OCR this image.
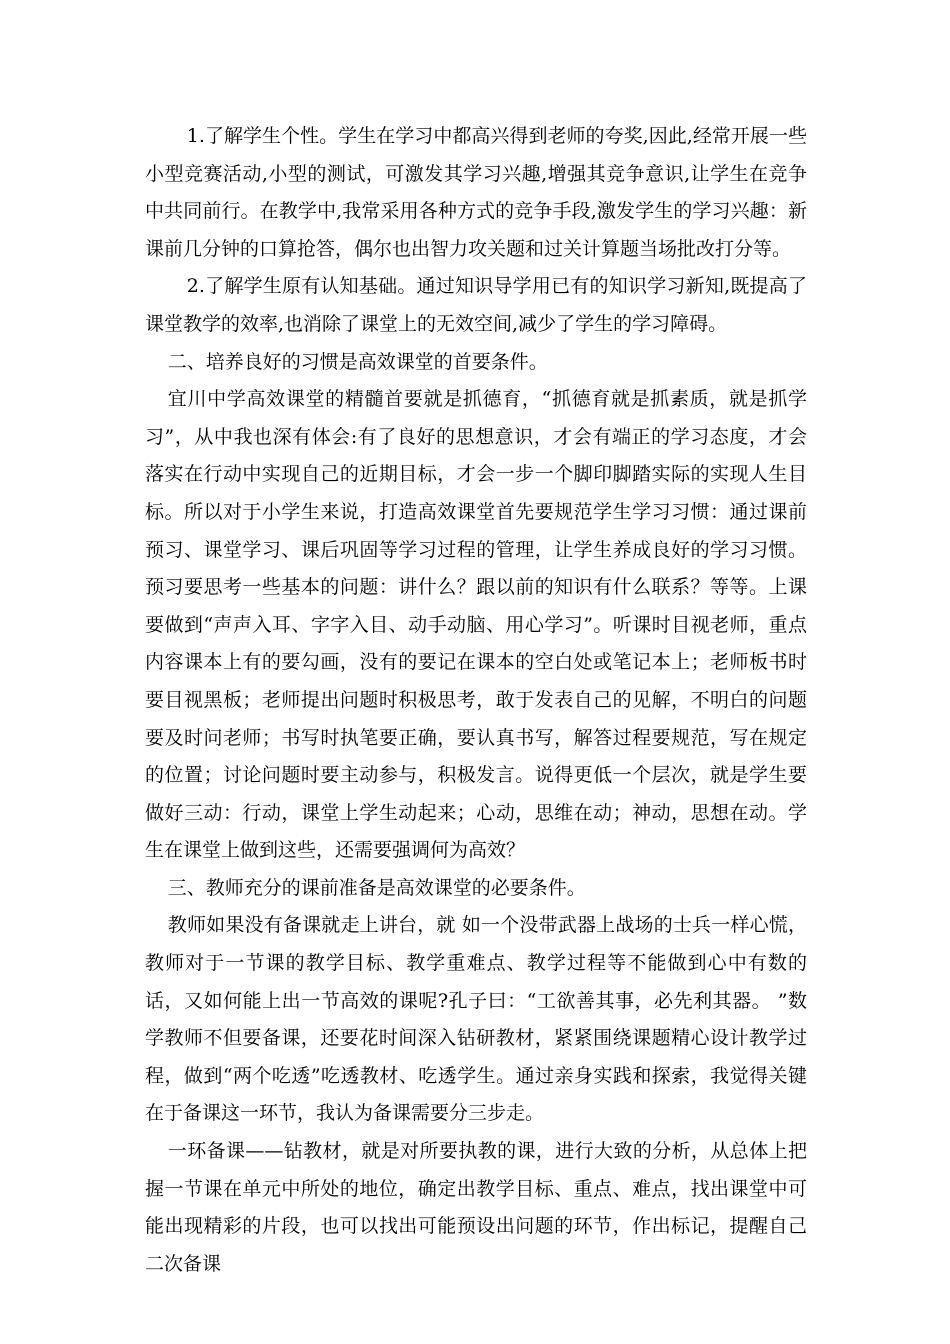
1.了解学生个性。学生在学习中都高兴得到老师的夸奖,因此,经常开展一些小型竞赛活动,小型的测试，可激发其学习兴趣,增强其竞争意识,让学生在竞争中共同前行。在教学中,我常采用各种方式的竞争手段,激发学生的学习兴趣：新课前几分钟的口算抢答，偶尔也出智力攻关题和过关计算题当场批改打分等。

2.了解学生原有认知基础。通过知识导学用已有的知识学习新知,既提高了课堂教学的效率,也消除了课堂上的无效空间,减少了学生的学习障碍。

二、培养良好的习惯是高效课堂的首要条件。

宜川中学高效课堂的精髓首要就是抓德育，“抓德育就是抓素质，就是抓学习”，从中我也深有体会:有了良好的思想意识，才会有端正的学习态度，才会落实在行动中实现自己的近期目标，才会一步一个脚印脚踏实际的实现人生目标。所以对于小学生来说，打造高效课堂首先要规范学生学习习惯：通过课前预习、课堂学习、课后巩固等学习过程的管理，让学生养成良好的学习习惯。预习要思考一些基本的问题：讲什么？跟以前的知识有什么联系？等等。上课要做到“声声入耳、字字入目、动手动脑、用心学习”。听课时目视老师，重点内容课本上有的要勾画，没有的要记在课本的空白处或笔记本上；老师板书时要目视黑板；老师提出问题时积极思考，敢于发表自己的见解，不明白的问题要及时问老师；书写时执笔要正确，要认真书写，解答过程要规范，写在规定的位置；讨论问题时要主动参与，积极发言。说得更低一个层次，就是学生要做好三动：行动，课堂上学生动起来；心动，思维在动；神动，思想在动。学生在课堂上做到这些，还需要强调何为高效？

三、教师充分的课前准备是高效课堂的必要条件。

教师如果没有备课就走上讲台，就 如一个没带武器上战场的士兵一样心慌，教师对于一节课的教学目标、教学重难点、教学过程等不能做到心中有数的话，又如何能上出一节高效的课呢?孔子曰：“工欲善其事，必先利其器。 ”数学教师不但要备课，还要花时间深入钻研教材，紧紧围绕课题精心设计教学过程，做到“两个吃透”吃透教材、吃透学生。通过亲身实践和探索，我觉得关键在于备课这一环节，我认为备课需要分三步走。

一环备课——钻教材，就是对所要执教的课，进行大致的分析，从总体上把握一节课在单元中所处的地位，确定出教学目标、重点、难点，找出课堂中可能出现精彩的片段，也可以找出可能预设出问题的环节，作出标记，提醒自己二次备课
